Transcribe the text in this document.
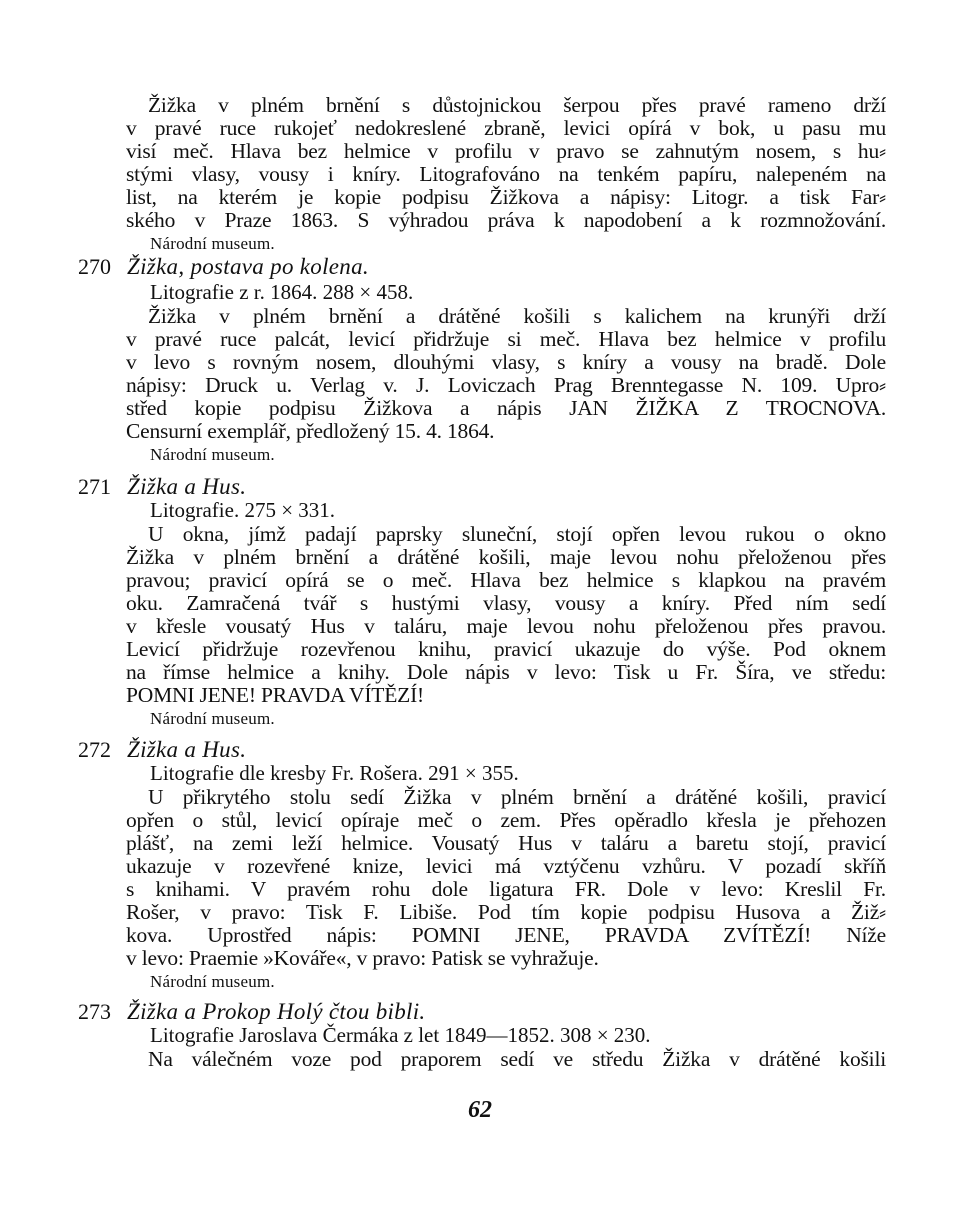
Žižka v plném brnění s důstojnickou šerpou přes pravé rameno drží
v pravé ruce rukojeť nedokreslené zbraně, levici opírá v bok, u pasu mu
visí meč. Hlava bez helmice v profilu v pravo se zahnutým nosem, s hu⸗
stými vlasy, vousy i kníry. Litografováno na tenkém papíru, nalepeném na
list, na kterém je kopie podpisu Žižkova a nápisy: Litogr. a tisk Far⸗
ského v Praze 1863. S výhradou práva k napodobení a k rozmnožování.
Národní museum.
270 Žižka, postava po kolena.
Litografie z r. 1864. 288 × 458.
Žižka v plném brnění a drátěné košili s kalichem na krunýři drží
v pravé ruce palcát, levicí přidržuje si meč. Hlava bez helmice v profilu
v levo s rovným nosem, dlouhými vlasy, s kníry a vousy na bradě. Dole
nápisy: Druck u. Verlag v. J. Loviczach Prag Brenntegasse N. 109. Upro⸗
střed kopie podpisu Žižkova a nápis JAN ŽIŽKA Z TROCNOVA.
Censurní exemplář, předložený 15. 4. 1864.
Národní museum.
271 Žižka a Hus.
Litografie. 275 × 331.
U okna, jímž padají paprsky sluneční, stojí opřen levou rukou o okno
Žižka v plném brnění a drátěné košili, maje levou nohu přeloženou přes
pravou; pravicí opírá se o meč. Hlava bez helmice s klapkou na pravém
oku. Zamračená tvář s hustými vlasy, vousy a kníry. Před ním sedí
v křesle vousatý Hus v taláru, maje levou nohu přeloženou přes pravou.
Levicí přidržuje rozevřenou knihu, pravicí ukazuje do výše. Pod oknem
na římse helmice a knihy. Dole nápis v levo: Tisk u Fr. Šíra, ve středu:
POMNI JENE! PRAVDA VÍTĚZÍ!
Národní museum.
272 Žižka a Hus.
Litografie dle kresby Fr. Rošera. 291 × 355.
U přikrytého stolu sedí Žižka v plném brnění a drátěné košili, pravicí
opřen o stůl, levicí opíraje meč o zem. Přes opěradlo křesla je přehozen
plášť, na zemi leží helmice. Vousatý Hus v taláru a baretu stojí, pravicí
ukazuje v rozevřené knize, levici má vztýčenu vzhůru. V pozadí skříň
s knihami. V pravém rohu dole ligatura FR. Dole v levo: Kreslil Fr.
Rošer, v pravo: Tisk F. Libiše. Pod tím kopie podpisu Husova a Žiž⸗
kova. Uprostřed nápis: POMNI JENE, PRAVDA ZVÍTĚZÍ! Níže
v levo: Praemie »Kováře«, v pravo: Patisk se vyhražuje.
Národní museum.
273 Žižka a Prokop Holý čtou bibli.
Litografie Jaroslava Čermáka z let 1849—1852. 308 × 230.
Na válečném voze pod praporem sedí ve středu Žižka v drátěné košili
62
